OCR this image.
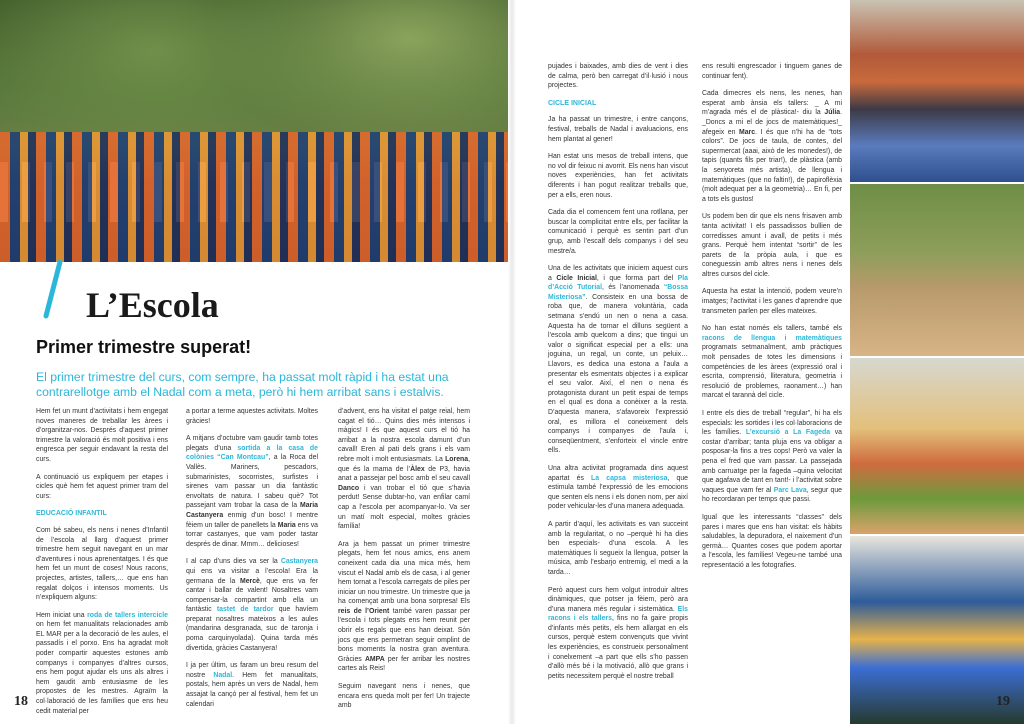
L’Escola
Primer trimestre superat!

El primer trimestre del curs, com sempre, ha passat molt ràpid i ha estat una contrarellotge amb el Nadal com a meta, però hi hem arribat sans i estalvis.

Hem fet un munt d’activitats i hem engegat noves maneres de treballar les àrees i d’organitzar-nos. Després d’aquest primer trimestre la valoració és molt positiva i ens engresca per seguir endavant la resta del curs.

A continuació us expliquem per etapes i cicles què hem fet aquest primer tram del curs:

EDUCACIÓ INFANTIL

Com bé sabeu, els nens i nenes d’Infantil de l’escola al llarg d’aquest primer trimestre hem seguit navegant en un mar d’aventures i nous aprenentatges. I és que hem fet un munt de coses! Nous racons, projectes, artistes, tallers,… que ens han regalat dolços i intensos moments. Us n’expliquem alguns:

Hem iniciat una roda de tallers intercicle on hem fet manualitats relacionades amb EL MAR per a la decoració de les aules, el passadís i el porxo. Ens ha agradat molt poder compartir aquestes estones amb companys i companyes d’altres cursos, ens hem pogut ajudar els uns als altres i hem gaudit amb entusiasme de les propostes de les mestres. Agraïm la col·laboració de les famílies que ens heu cedit material per

a portar a terme aquestes activitats. Moltes gràcies!

A mitjans d’octubre vam gaudir tamb totes plegats d’una sortida a la casa de colònies “Can Montcau”, a la Roca del Vallès. Mariners, pescadors, submarinistes, socorristes, surfistes i sirenes vam passar un dia fantàstic envoltats de natura. I sabeu què? Tot passejant vam trobar la casa de la Maria Castanyera enmig d’un bosc! I mentre fèiem un taller de panellets la Maria ens va torrar castanyes, que vam poder tastar després de dinar. Mmm… delicioses!

I al cap d’uns dies va ser la Castanyera qui ens va visitar a l’escola! Era la germana de la Mercè, que ens va fer cantar i ballar de valent! Nosaltres vam compensar-la compartint amb ella un fantàstic tastet de tardor que havíem preparat nosaltres mateixos a les aules (mandarina desgranada, suc de taronja i poma carquinyolada). Quina tarda més divertida, gràcies Castanyera!

I ja per últim, us faram un breu resum del nostre Nadal. Hem fet manualitats, postals, hem après un vers de Nadal, hem assajat la cançó per al festival, hem fet un calendari

d’advent, ens ha visitat el patge reial, hem cagat el tió… Quins dies més intensos i màgics! I és que aquest curs el tió ha arribat a la nostra escola damunt d’un cavall! Eren al pati dels grans i els vam rebre molt i molt entusiasmats. La Lorena, que és la mama de l’Àlex de P3, havia anat a passejar pel bosc amb el seu cavall Danco i van trobar el tió que s’havia perdut! Sense dubtar-ho, van enfilar camí cap a l’escola per acompanyar-lo. Va ser un matí molt especial, moltes gràcies família!

Ara ja hem passat un primer trimestre plegats, hem fet nous amics, ens anem coneixent cada dia una mica més, hem viscut el Nadal amb els de casa, i al gener hem tornat a l’escola carregats de piles per iniciar un nou trimestre. Un trimestre que ja ha començat amb una bona sorpresa! Els reis de l’Orient també varen passar per l’escola i tots plegats ens hem reunit per obrir els regals que ens han deixat. Són jocs que ens permetran seguir omplint de bons moments la nostra gran aventura. Gràcies AMPA per fer arribar les nostres cartes als Reis!

Seguim navegant nens i nenes, que encara ens queda molt per fer! Un trajecte amb

18

pujades i baixades, amb dies de vent i dies de calma, però ben carregat d’il·lusió i nous projectes.

CICLE INICIAL

Ja ha passat un trimestre, i entre cançons, festival, treballs de Nadal i avaluacions, ens hem plantat al gener!

Han estat uns mesos de treball intens, que no vol dir feixuc ni avorrit. Els nens han viscut noves experiències, han fet activitats diferents i han pogut realitzar treballs que, per a ells, eren nous.

Cada dia el comencem fent una rotllana, per buscar la complicitat entre ells, per facilitar la comunicació i perquè es sentin part d’un grup, amb l’escalf dels companys i del seu mestre/a.

Una de les activitats que iniciem aquest curs a Cicle Inicial, i que forma part del Pla d’Acció Tutorial, és l’anomenada “Bossa Misteriosa”. Consisteix en una bossa de roba que, de manera voluntària, cada setmana s’endú un nen o nena a casa. Aquesta ha de tornar el dilluns següent a l’escola amb quelcom a dins; que tingui un valor o significat especial per a ells: una joguina, un regal, un conte, un peluix… Llavors, es dedica una estona a l’aula a presentar els esmentats objectes i a explicar el seu valor. Així, el nen o nena és protagonista durant un petit espai de temps en el qual es dona a conèixer a la resta. D’aquesta manera, s’afavoreix l’expressió oral, es millora el coneixement dels companys i companyes de l’aula i, conseqüentment, s’enforteix el vincle entre ells.

Una altra activitat programada dins aquest apartat és La capsa misteriosa, que estimula també l’expressió de les emocions que senten els nens i els donen nom, per així poder vehicular-les d’una manera adequada.

A partir d’aquí, les activitats es van succeint amb la regularitat, o no –perquè hi ha dies ben especials- d’una escola. A les matemàtiques li segueix la llengua, potser la música, amb l’esbarjo entremig, el medi a la tarda…

Però aquest curs hem volgut introduir altres dinàmiques, que potser ja fèiem, però ara d’una manera més regular i sistemàtica. Els racons i els tallers, fins no fa gaire propis d’infants més petits, els hem allargat en els cursos, perquè estem convençuts que vivint les experiències, es construeix personalment i conelxement –a part que ells s’ho passen d’allò més bé i la motivació, allò que grans i petits necessitem perquè el nostre treball

ens resulti engrescador i tinguem ganes de continuar fent).

Cada dimecres els nens, les nenes, han esperat amb ànsia els tallers: _ A mi m’agrada més el de plàstica!- diu la Júlia. _Doncs a mi el de jocs de matemàtiques!_ afegeix en Marc. I és que n’hi ha de “tots colors”. De jocs de taula, de contes, del supermercat (aaai, això de les monedes!), de tapis (quants fils per triar!), de plàstica (amb la senyoreta més artista), de llengua i matemàtiques (que no faltin!), de papiroflèxia (molt adequat per a la geometria)… En fi, per a tots els gustos!

Us podem ben dir que els nens frisaven amb tanta activitat! I els passadissos bullien de corredisses amunt i avall, de petits i més grans. Perquè hem intentat “sortir” de les parets de la pròpia aula, i que es coneguessin amb altres nens i nenes dels altres cursos del cicle.

Aquesta ha estat la intenció, podem veure’n imatges; l’activitat i les ganes d’aprendre que transmeten parlen per elles mateixes.

No han estat només els tallers, també els racons de llengua i matemàtiques programats setmanalment, amb pràctiques molt pensades de totes les dimensions i competències de les àrees (expressió oral i escrita, comprensió, lliteratura, geometria i resolució de problemes, raonament…) han marcat el tarannà del cicle.

I entre els dies de treball “regular”, hi ha els especials: les sortides i les col·laboracions de les famílies. L’excursió a La Fageda va costar d’arribar; tanta pluja ens va obligar a posposar-la fins a tres cops! Però va valer la pena el fred que vam passar. La passejada amb carruatge per la fageda –quina velocitat que agafava de tant en tant!- i l’activitat sobre vaques que vam fer al Parc Lava, segur que ho recordaran per temps que passi.

Igual que les interessants “classes” dels pares i mares que ens han visitat: els hàbits saludables, la depuradora, el naixement d’un germà… Quantes coses que podem aportar a l’escola, les famílies! Vegeu-ne també una representació a les fotografies.

19
